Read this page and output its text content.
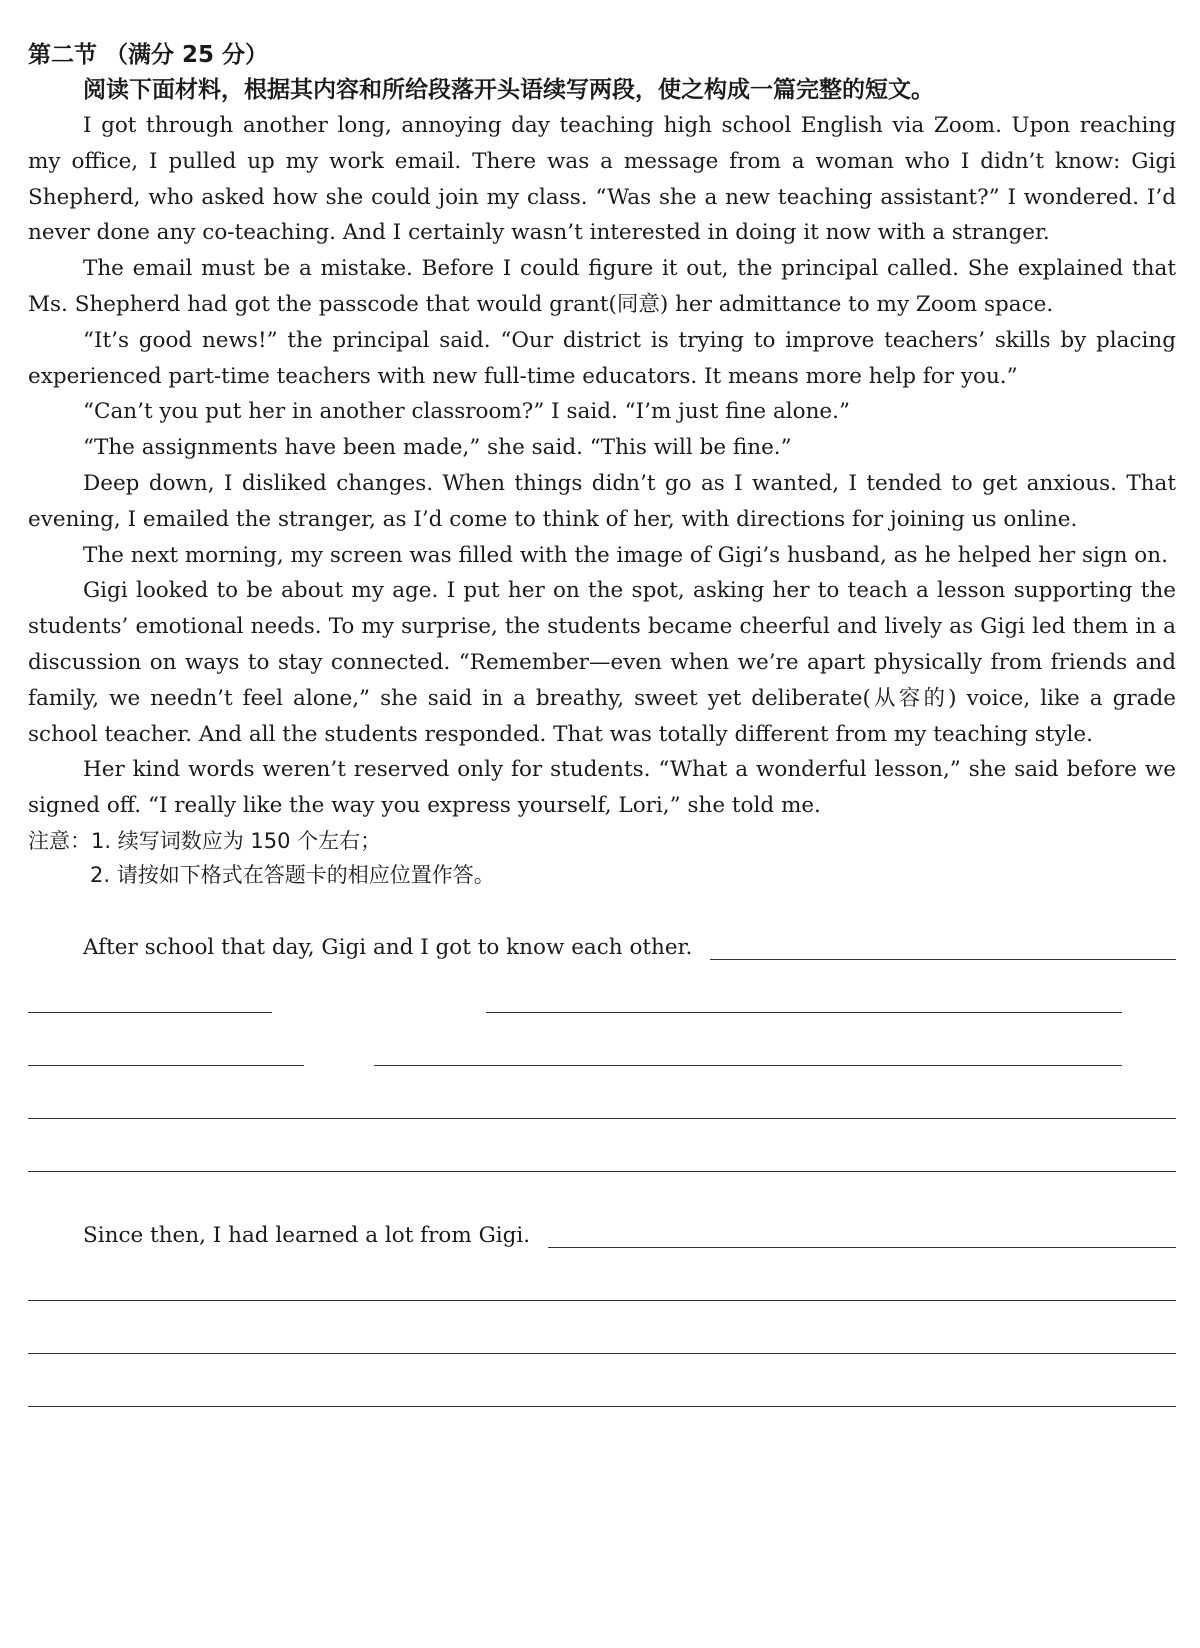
第二节 （满分 25 分）
阅读下面材料，根据其内容和所给段落开头语续写两段，使之构成一篇完整的短文。

I got through another long, annoying day teaching high school English via Zoom. Upon reaching my office, I pulled up my work email. There was a message from a woman who I didn’t know: Gigi Shepherd, who asked how she could join my class. “Was she a new teaching assistant?” I wondered. I’d never done any co-teaching. And I certainly wasn’t interested in doing it now with a stranger.

The email must be a mistake. Before I could figure it out, the principal called. She explained that Ms. Shepherd had got the passcode that would grant(同意) her admittance to my Zoom space.

“It’s good news!” the principal said. “Our district is trying to improve teachers’ skills by placing experienced part-time teachers with new full-time educators. It means more help for you.”

“Can’t you put her in another classroom?” I said. “I’m just fine alone.”

“The assignments have been made,” she said. “This will be fine.”

Deep down, I disliked changes. When things didn’t go as I wanted, I tended to get anxious. That evening, I emailed the stranger, as I’d come to think of her, with directions for joining us online.

The next morning, my screen was filled with the image of Gigi’s husband, as he helped her sign on.

Gigi looked to be about my age. I put her on the spot, asking her to teach a lesson supporting the students’ emotional needs. To my surprise, the students became cheerful and lively as Gigi led them in a discussion on ways to stay connected. “Remember—even when we’re apart physically from friends and family, we needn’t feel alone,” she said in a breathy, sweet yet deliberate(从容的) voice, like a grade school teacher. And all the students responded. That was totally different from my teaching style.

Her kind words weren’t reserved only for students. “What a wonderful lesson,” she said before we signed off. “I really like the way you express yourself, Lori,” she told me.

注意：1. 续写词数应为 150 个左右；
2. 请按如下格式在答题卡的相应位置作答。
After school that day, Gigi and I got to know each other.
Since then, I had learned a lot from Gigi.
